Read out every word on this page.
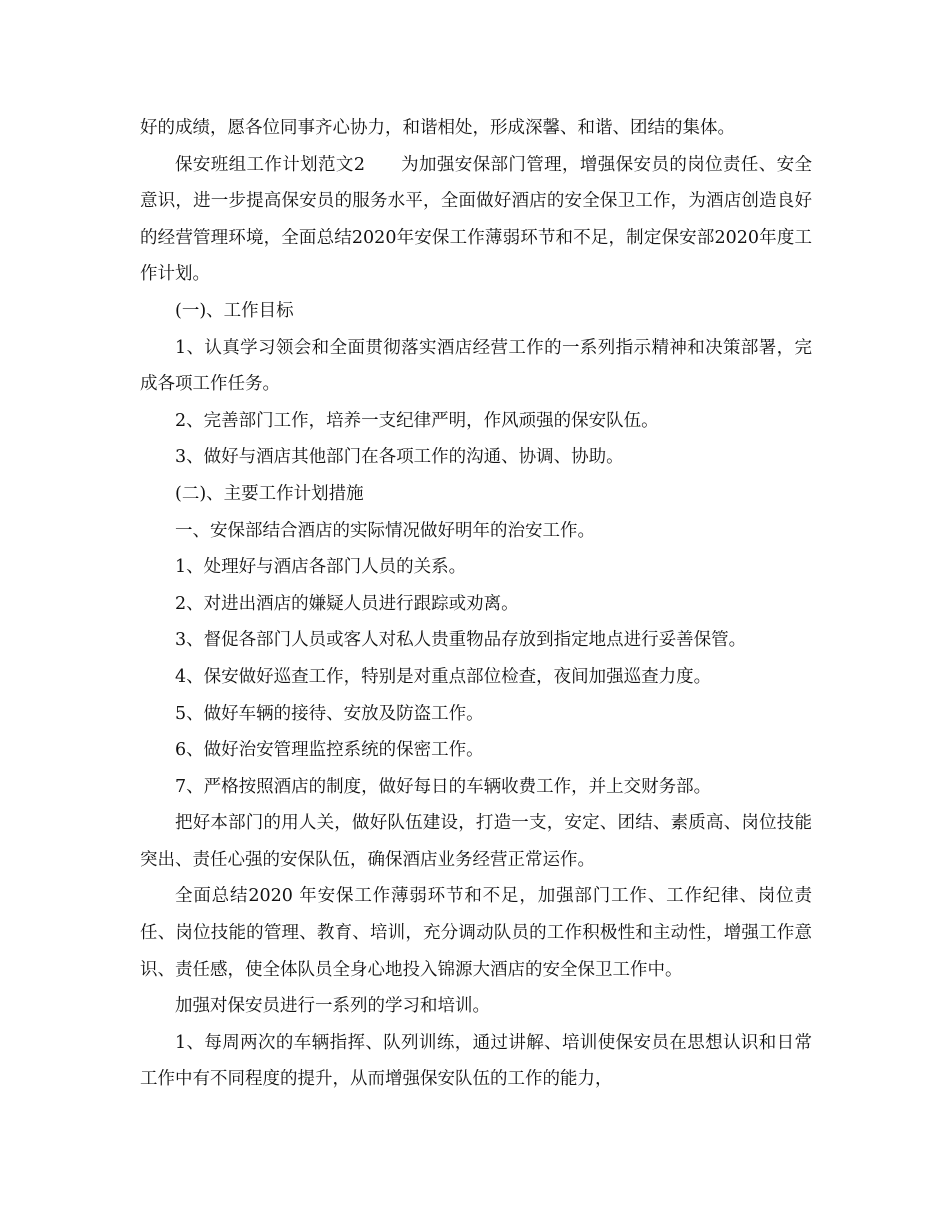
好的成绩，愿各位同事齐心协力，和谐相处，形成深馨、和谐、团结的集体。

保安班组工作计划范文2　　为加强安保部门管理，增强保安员的岗位责任、安全意识，进一步提高保安员的服务水平，全面做好酒店的安全保卫工作，为酒店创造良好的经营管理环境，全面总结2020年安保工作薄弱环节和不足，制定保安部2020年度工作计划。

(一)、工作目标

1、认真学习领会和全面贯彻落实酒店经营工作的一系列指示精神和决策部署，完成各项工作任务。

2、完善部门工作，培养一支纪律严明，作风顽强的保安队伍。

3、做好与酒店其他部门在各项工作的沟通、协调、协助。

(二)、主要工作计划措施

一、安保部结合酒店的实际情况做好明年的治安工作。

1、处理好与酒店各部门人员的关系。

2、对进出酒店的嫌疑人员进行跟踪或劝离。

3、督促各部门人员或客人对私人贵重物品存放到指定地点进行妥善保管。

4、保安做好巡查工作，特别是对重点部位检查，夜间加强巡查力度。

5、做好车辆的接待、安放及防盗工作。

6、做好治安管理监控系统的保密工作。

7、严格按照酒店的制度，做好每日的车辆收费工作，并上交财务部。

把好本部门的用人关，做好队伍建设，打造一支，安定、团结、素质高、岗位技能突出、责任心强的安保队伍，确保酒店业务经营正常运作。

全面总结2020 年安保工作薄弱环节和不足，加强部门工作、工作纪律、岗位责任、岗位技能的管理、教育、培训，充分调动队员的工作积极性和主动性，增强工作意识、责任感，使全体队员全身心地投入锦源大酒店的安全保卫工作中。

加强对保安员进行一系列的学习和培训。

1、每周两次的车辆指挥、队列训练，通过讲解、培训使保安员在思想认识和日常工作中有不同程度的提升，从而增强保安队伍的工作的能力，
